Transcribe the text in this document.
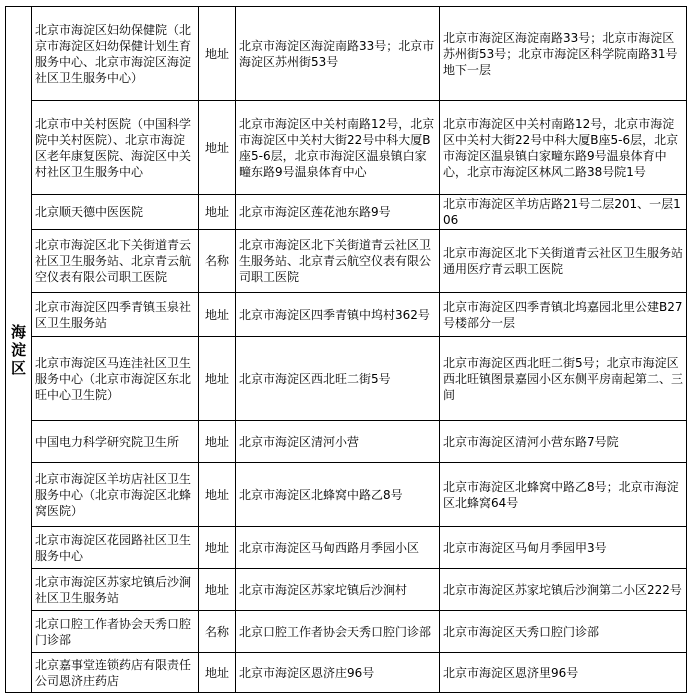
海淀区	北京市海淀区妇幼保健院（北京市海淀区妇幼保健计划生育服务中心、北京市海淀区海淀社区卫生服务中心）	地址	北京市海淀区海淀南路33号；北京市海淀区苏州街53号	北京市海淀区海淀南路33号；北京市海淀区苏州街53号；北京市海淀区科学院南路31号地下一层
	北京市中关村医院（中国科学院中关村医院）、北京市海淀区老年康复医院、海淀区中关村社区卫生服务中心	地址	北京市海淀区中关村南路12号，北京市海淀区中关村大街22号中科大厦B座5-6层，北京市海淀区温泉镇白家疃东路9号温泉体育中心	北京市海淀区中关村南路12号，北京市海淀区中关村大街22号中科大厦B座5-6层，北京市海淀区温泉镇白家疃东路9号温泉体育中心，北京市海淀区林风二路38号院1号
	北京顺天德中医医院	地址	北京市海淀区莲花池东路9号	北京市海淀区羊坊店路21号二层201、一层106
	北京市海淀区北下关街道青云社区卫生服务站、北京青云航空仪表有限公司职工医院	名称	北京市海淀区北下关街道青云社区卫生服务站、北京青云航空仪表有限公司职工医院	北京市海淀区北下关街道青云社区卫生服务站 通用医疗青云职工医院
	北京市海淀区四季青镇玉泉社区卫生服务站	地址	北京市海淀区四季青镇中坞村362号	北京市海淀区四季青镇北坞嘉园北里公建B27号楼部分一层
	北京市海淀区马连洼社区卫生服务中心（北京市海淀区东北旺中心卫生院）	地址	北京市海淀区西北旺二街5号	北京市海淀区西北旺二街5号；北京市海淀区西北旺镇图景嘉园小区东侧平房南起第二、三间
	中国电力科学研究院卫生所	地址	北京市海淀区清河小营	北京市海淀区清河小营东路7号院
	北京市海淀区羊坊店社区卫生服务中心（北京市海淀区北蜂窝医院）	地址	北京市海淀区北蜂窝中路乙8号	北京市海淀区北蜂窝中路乙8号；北京市海淀区北蜂窝64号
	北京市海淀区花园路社区卫生服务中心	地址	北京市海淀区马甸西路月季园小区	北京市海淀区马甸月季园甲3号
	北京市海淀区苏家坨镇后沙涧社区卫生服务站	地址	北京市海淀区苏家坨镇后沙涧村	北京市海淀区苏家坨镇后沙涧第二小区222号
	北京口腔工作者协会天秀口腔门诊部	名称	北京口腔工作者协会天秀口腔门诊部	北京市海淀区天秀口腔门诊部
	北京嘉事堂连锁药店有限责任公司恩济庄药店	地址	北京市海淀区恩济庄96号	北京市海淀区恩济里96号
